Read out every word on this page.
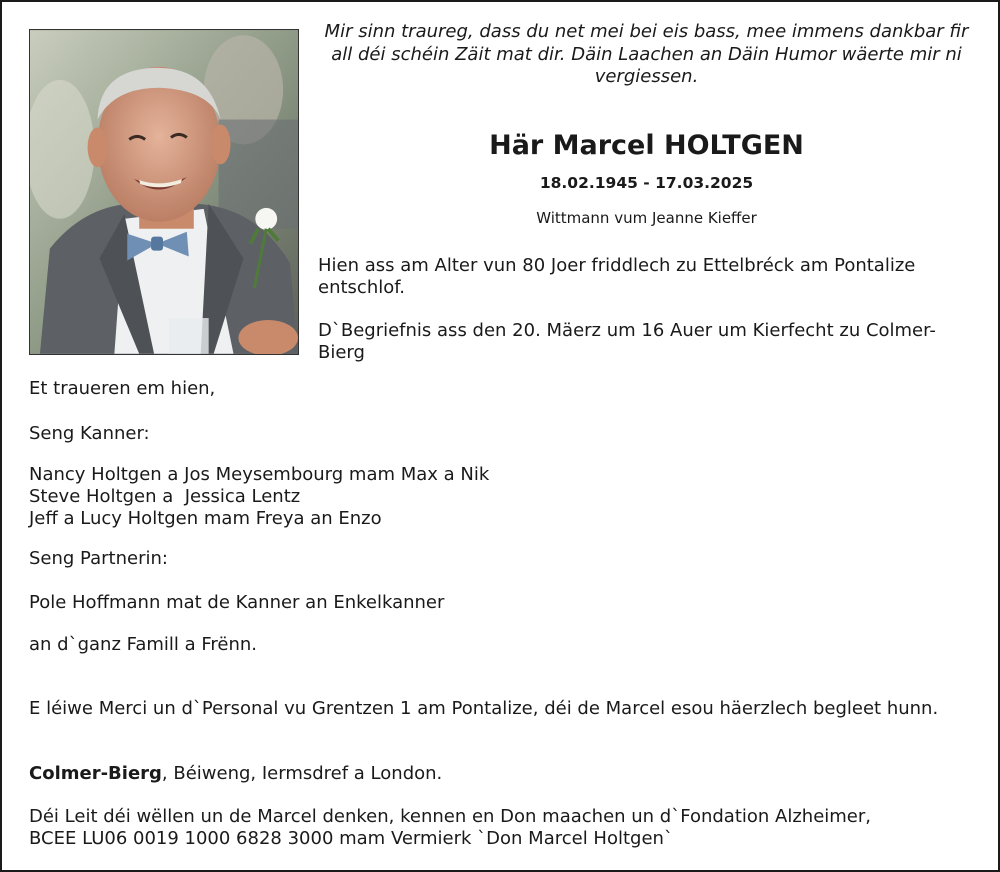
Mir sinn traureg, dass du net mei bei eis bass, mee immens dankbar fir all déi schéin Zäit mat dir. Däin Laachen an Däin Humor wäerte mir ni vergiessen.

Här Marcel HOLTGEN

18.02.1945 - 17.03.2025

Wittmann vum Jeanne Kieffer

Hien ass am Alter vun 80 Joer friddlech zu Ettelbréck am Pontalize entschlof.

D`Begriefnis ass den 20. Mäerz um 16 Auer um Kierfecht zu Colmer-Bierg

Et traueren em hien,

Seng Kanner:

Nancy Holtgen a Jos Meysembourg mam Max a Nik
Steve Holtgen a  Jessica Lentz
Jeff a Lucy Holtgen mam Freya an Enzo

Seng Partnerin:

Pole Hoffmann mat de Kanner an Enkelkanner

an d`ganz Famill a Frënn.

E léiwe Merci un d`Personal vu Grentzen 1 am Pontalize, déi de Marcel esou häerzlech begleet hunn.

Colmer-Bierg, Béiweng, Iermsdref a London.

Déi Leit déi wëllen un de Marcel denken, kennen en Don maachen un d`Fondation Alzheimer,
BCEE LU06 0019 1000 6828 3000 mam Vermierk `Don Marcel Holtgen`
